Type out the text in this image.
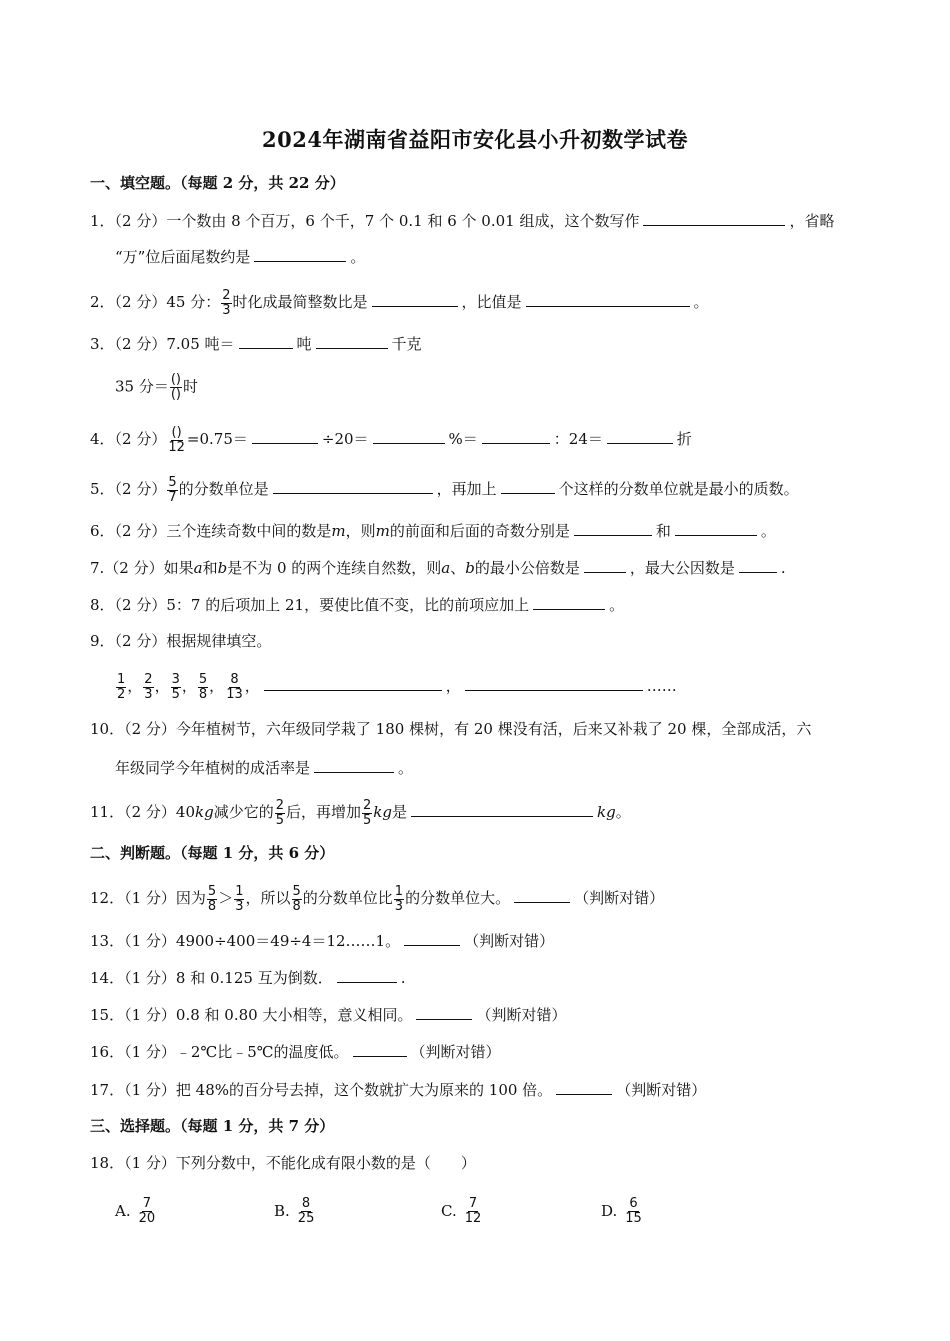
2024年湖南省益阳市安化县小升初数学试卷
一、填空题。（每题 2 分，共 22 分）
1．（2 分）一个数由 8 个百万，6 个千，7 个 0.1 和 6 个 0.01 组成，这个数写作	，省略
“万”位后面尾数约是	。
2．（2 分）45 分： $\frac{2}{3}$ 时化成最简整数比是	，比值是	。
3．（2 分）7.05 吨＝	吨	千克
35 分＝ $\frac{()}{()}$ 时
4．（2 分） $\frac{()}{12} =0.75=$	÷20＝	%＝	：24＝	折
5．（2 分） $\frac{5}{7}$ 的分数单位是	，再加上	个这样的分数单位就是最小的质数。
6．（2 分）三个连续奇数中间的数是m，则m的前面和后面的奇数分别是	和	。
7.（2 分）如果a和b是不为 0 的两个连续自然数，则a、b的最小公倍数是	，最大公因数是	.
8．（2 分）5：7 的后项加上 21，要使比值不变，比的前项应加上	。
9．（2 分）根据规律填空。
$\frac{1}{2}$ ， $\frac{2}{3}$ ， $\frac{3}{5}$ ， $\frac{5}{8}$ ， $\frac{8}{13}$ ，	，	……
10．（2 分）今年植树节，六年级同学栽了 180 棵树，有 20 棵没有活，后来又补栽了 20 棵，全部成活，六
年级同学今年植树的成活率是	。
11．（2 分）40kg减少它的 $\frac{2}{5}$ 后，再增加 $\frac{2}{5}$ kg是	kg。
二、判断题。（每题 1 分，共 6 分）
12．（1 分）因为 $\frac{5}{8} > \frac{1}{3}$ ，所以 $\frac{5}{8}$ 的分数单位比 $\frac{1}{3}$ 的分数单位大。	（判断对错）
13．（1 分）4900÷400＝49÷4＝12……1。	（判断对错）
14．（1 分）8 和 0.125 互为倒数．	.
15．（1 分）0.8 和 0.80 大小相等，意义相同。	（判断对错）
16．（1 分）﹣2℃比﹣5℃的温度低。	（判断对错）
17．（1 分）把 48%的百分号去掉，这个数就扩大为原来的 100 倍。	（判断对错）
三、选择题。（每题 1 分，共 7 分）
18．（1 分）下列分数中，不能化成有限小数的是（　　）
A. $\frac{7}{20}$	B. $\frac{8}{25}$	C. $\frac{7}{12}$	D. $\frac{6}{15}$
